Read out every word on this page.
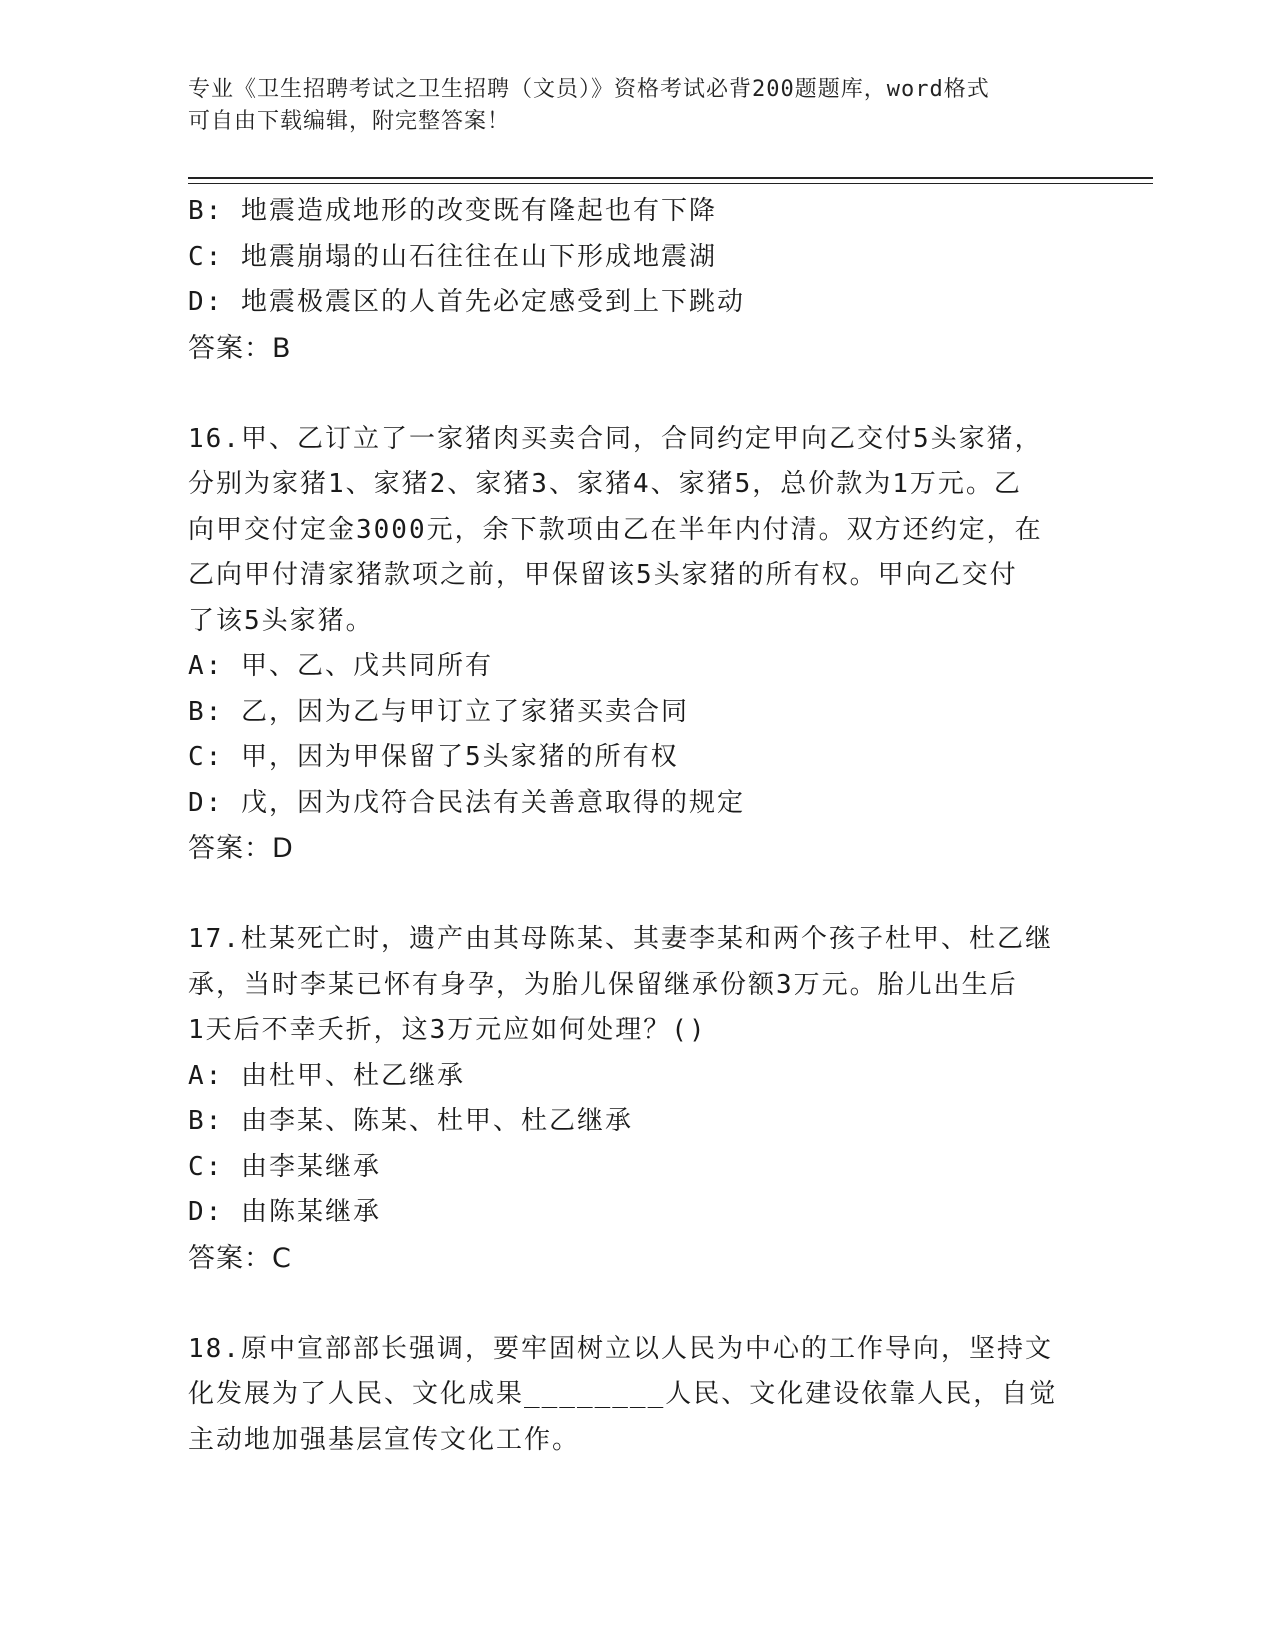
专业《卫生招聘考试之卫生招聘（文员）》资格考试必背200题题库，word格式
可自由下载编辑，附完整答案！
B: 地震造成地形的改变既有隆起也有下降
C: 地震崩塌的山石往往在山下形成地震湖
D: 地震极震区的人首先必定感受到上下跳动
答案：B
16.甲、乙订立了一家猪肉买卖合同，合同约定甲向乙交付5头家猪，
分别为家猪1、家猪2、家猪3、家猪4、家猪5，总价款为1万元。乙
向甲交付定金3000元，余下款项由乙在半年内付清。双方还约定，在
乙向甲付清家猪款项之前，甲保留该5头家猪的所有权。甲向乙交付
了该5头家猪。
A: 甲、乙、戊共同所有
B: 乙，因为乙与甲订立了家猪买卖合同
C: 甲，因为甲保留了5头家猪的所有权
D: 戊，因为戊符合民法有关善意取得的规定
答案：D
17.杜某死亡时，遗产由其母陈某、其妻李某和两个孩子杜甲、杜乙继
承，当时李某已怀有身孕，为胎儿保留继承份额3万元。胎儿出生后
1天后不幸夭折，这3万元应如何处理？()
A: 由杜甲、杜乙继承
B: 由李某、陈某、杜甲、杜乙继承
C: 由李某继承
D: 由陈某继承
答案：C
18.原中宣部部长强调，要牢固树立以人民为中心的工作导向，坚持文
化发展为了人民、文化成果________人民、文化建设依靠人民，自觉
主动地加强基层宣传文化工作。
